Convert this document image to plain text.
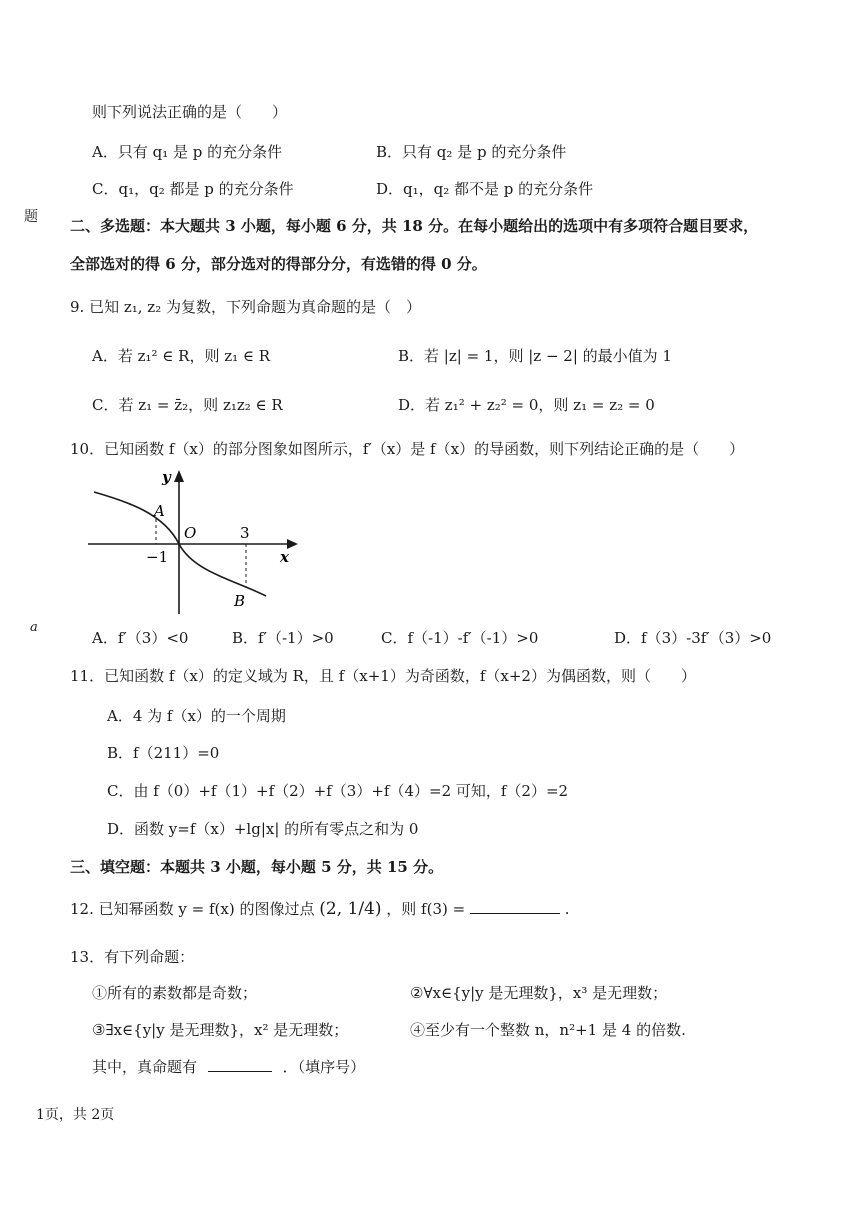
则下列说法正确的是（　　）
A．只有 q₁ 是 p 的充分条件	B．只有 q₂ 是 p 的充分条件
C．q₁，q₂ 都是 p 的充分条件	D．q₁，q₂ 都不是 p 的充分条件
题
a
二、多选题：本大题共 3 小题，每小题 6 分，共 18 分。在每小题给出的选项中有多项符合题目要求，
全部选对的得 6 分，部分选对的得部分分，有选错的得 0 分。
9. 已知 z₁, z₂ 为复数，下列命题为真命题的是（　）
A．若 z₁² ∈ R，则 z₁ ∈ R	B．若 |z| = 1，则 |z − 2| 的最小值为 1
C．若 z₁ = z̄₂，则 z₁z₂ ∈ R	D．若 z₁² + z₂² = 0，则 z₁ = z₂ = 0
10．已知函数 f（x）的部分图象如图所示，f′（x）是 f（x）的导函数，则下列结论正确的是（　　）
y
x
O
A
B
−1
3
A．f′（3）<0	B．f′（-1）>0	C．f（-1）-f′（-1）>0	D．f（3）-3f′（3）>0
11．已知函数 f（x）的定义域为 R，且 f（x+1）为奇函数，f（x+2）为偶函数，则（　　）
A．4 为 f（x）的一个周期
B．f（211）=0
C．由 f（0）+f（1）+f（2）+f（3）+f（4）=2 可知，f（2）=2
D．函数 y=f（x）+lg|x| 的所有零点之和为 0
三、填空题：本题共 3 小题，每小题 5 分，共 15 分。
12. 已知幂函数 y = f(x) 的图像过点 (2, 1/4) ，则 f(3) =	.
13．有下列命题：
①所有的素数都是奇数；	②∀x∈{y|y 是无理数}，x³ 是无理数；
③∃x∈{y|y 是无理数}，x² 是无理数；	④至少有一个整数 n，n²+1 是 4 的倍数.
其中，真命题有	．（填序号）
1页，共 2页
